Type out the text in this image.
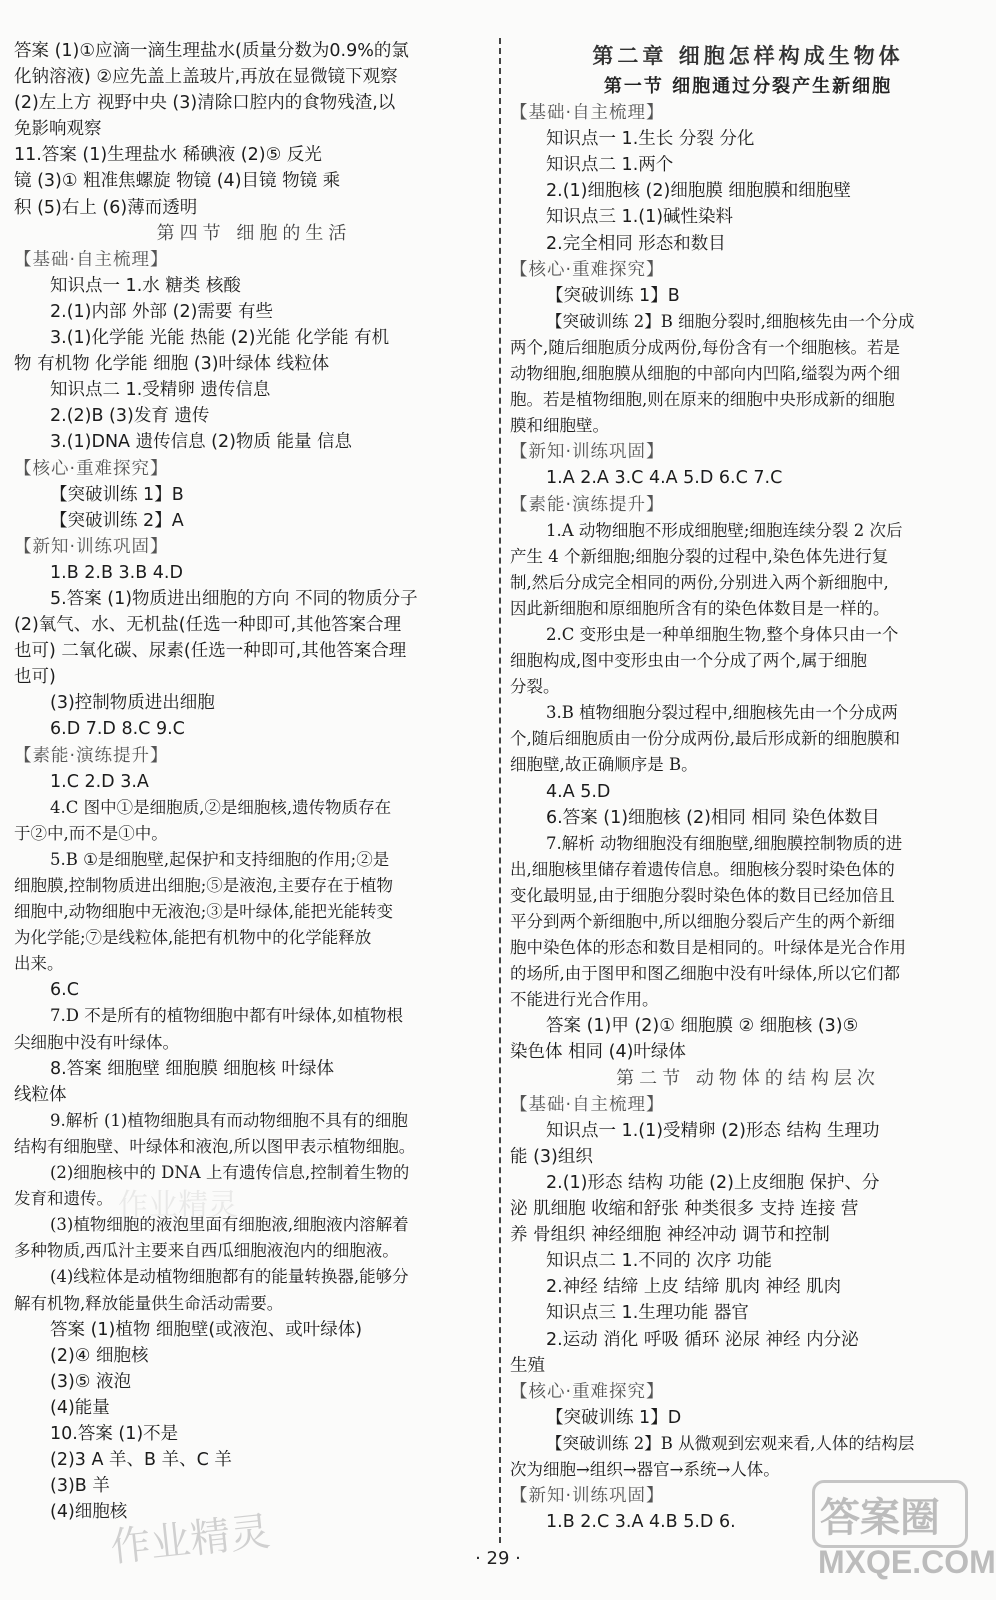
答案 (1)①应滴一滴生理盐水(质量分数为0.9%的氯
化钠溶液) ②应先盖上盖玻片,再放在显微镜下观察
(2)左上方 视野中央 (3)清除口腔内的食物残渣,以
免影响观察
11.答案 (1)生理盐水 稀碘液 (2)⑤ 反光
镜 (3)① 粗准焦螺旋 物镜 (4)目镜 物镜 乘
积 (5)右上 (6)薄而透明
第四节 细胞的生活
【基础·自主梳理】
知识点一 1.水 糖类 核酸
2.(1)内部 外部 (2)需要 有些
3.(1)化学能 光能 热能 (2)光能 化学能 有机
物 有机物 化学能 细胞 (3)叶绿体 线粒体
知识点二 1.受精卵 遗传信息
2.(2)B (3)发育 遗传
3.(1)DNA 遗传信息 (2)物质 能量 信息
【核心·重难探究】
【突破训练 1】B
【突破训练 2】A
【新知·训练巩固】
1.B 2.B 3.B 4.D
5.答案 (1)物质进出细胞的方向 不同的物质分子
(2)氧气、水、无机盐(任选一种即可,其他答案合理
也可) 二氧化碳、尿素(任选一种即可,其他答案合理
也可)
(3)控制物质进出细胞
6.D 7.D 8.C 9.C
【素能·演练提升】
1.C 2.D 3.A
4.C 图中①是细胞质,②是细胞核,遗传物质存在
于②中,而不是①中。
5.B ①是细胞壁,起保护和支持细胞的作用;②是
细胞膜,控制物质进出细胞;⑤是液泡,主要存在于植物
细胞中,动物细胞中无液泡;③是叶绿体,能把光能转变
为化学能;⑦是线粒体,能把有机物中的化学能释放
出来。
6.C
7.D 不是所有的植物细胞中都有叶绿体,如植物根
尖细胞中没有叶绿体。
8.答案 细胞壁 细胞膜 细胞核 叶绿体
线粒体
9.解析 (1)植物细胞具有而动物细胞不具有的细胞
结构有细胞壁、叶绿体和液泡,所以图甲表示植物细胞。
(2)细胞核中的 DNA 上有遗传信息,控制着生物的
发育和遗传。
(3)植物细胞的液泡里面有细胞液,细胞液内溶解着
多种物质,西瓜汁主要来自西瓜细胞液泡内的细胞液。
(4)线粒体是动植物细胞都有的能量转换器,能够分
解有机物,释放能量供生命活动需要。
答案 (1)植物 细胞壁(或液泡、或叶绿体)
(2)④ 细胞核
(3)⑤ 液泡
(4)能量
10.答案 (1)不是
(2)3 A 羊、B 羊、C 羊
(3)B 羊
(4)细胞核
第二章 细胞怎样构成生物体
第一节 细胞通过分裂产生新细胞
【基础·自主梳理】
知识点一 1.生长 分裂 分化
知识点二 1.两个
2.(1)细胞核 (2)细胞膜 细胞膜和细胞壁
知识点三 1.(1)碱性染料
2.完全相同 形态和数目
【核心·重难探究】
【突破训练 1】B
【突破训练 2】B 细胞分裂时,细胞核先由一个分成
两个,随后细胞质分成两份,每份含有一个细胞核。若是
动物细胞,细胞膜从细胞的中部向内凹陷,缢裂为两个细
胞。若是植物细胞,则在原来的细胞中央形成新的细胞
膜和细胞壁。
【新知·训练巩固】
1.A 2.A 3.C 4.A 5.D 6.C 7.C
【素能·演练提升】
1.A 动物细胞不形成细胞壁;细胞连续分裂 2 次后
产生 4 个新细胞;细胞分裂的过程中,染色体先进行复
制,然后分成完全相同的两份,分别进入两个新细胞中,
因此新细胞和原细胞所含有的染色体数目是一样的。
2.C 变形虫是一种单细胞生物,整个身体只由一个
细胞构成,图中变形虫由一个分成了两个,属于细胞
分裂。
3.B 植物细胞分裂过程中,细胞核先由一个分成两
个,随后细胞质由一份分成两份,最后形成新的细胞膜和
细胞壁,故正确顺序是 B。
4.A 5.D
6.答案 (1)细胞核 (2)相同 相同 染色体数目
7.解析 动物细胞没有细胞壁,细胞膜控制物质的进
出,细胞核里储存着遗传信息。细胞核分裂时染色体的
变化最明显,由于细胞分裂时染色体的数目已经加倍且
平分到两个新细胞中,所以细胞分裂后产生的两个新细
胞中染色体的形态和数目是相同的。叶绿体是光合作用
的场所,由于图甲和图乙细胞中没有叶绿体,所以它们都
不能进行光合作用。
答案 (1)甲 (2)① 细胞膜 ② 细胞核 (3)⑤
染色体 相同 (4)叶绿体
第二节 动物体的结构层次
【基础·自主梳理】
知识点一 1.(1)受精卵 (2)形态 结构 生理功
能 (3)组织
2.(1)形态 结构 功能 (2)上皮细胞 保护、分
泌 肌细胞 收缩和舒张 种类很多 支持 连接 营
养 骨组织 神经细胞 神经冲动 调节和控制
知识点二 1.不同的 次序 功能
2.神经 结缔 上皮 结缔 肌肉 神经 肌肉
知识点三 1.生理功能 器官
2.运动 消化 呼吸 循环 泌尿 神经 内分泌
生殖
【核心·重难探究】
【突破训练 1】D
【突破训练 2】B 从微观到宏观来看,人体的结构层
次为细胞→组织→器官→系统→人体。
【新知·训练巩固】
1.B 2.C 3.A 4.B 5.D 6.
· 29 ·
作业精灵
作业精灵	答案圈
MXQE.COM
